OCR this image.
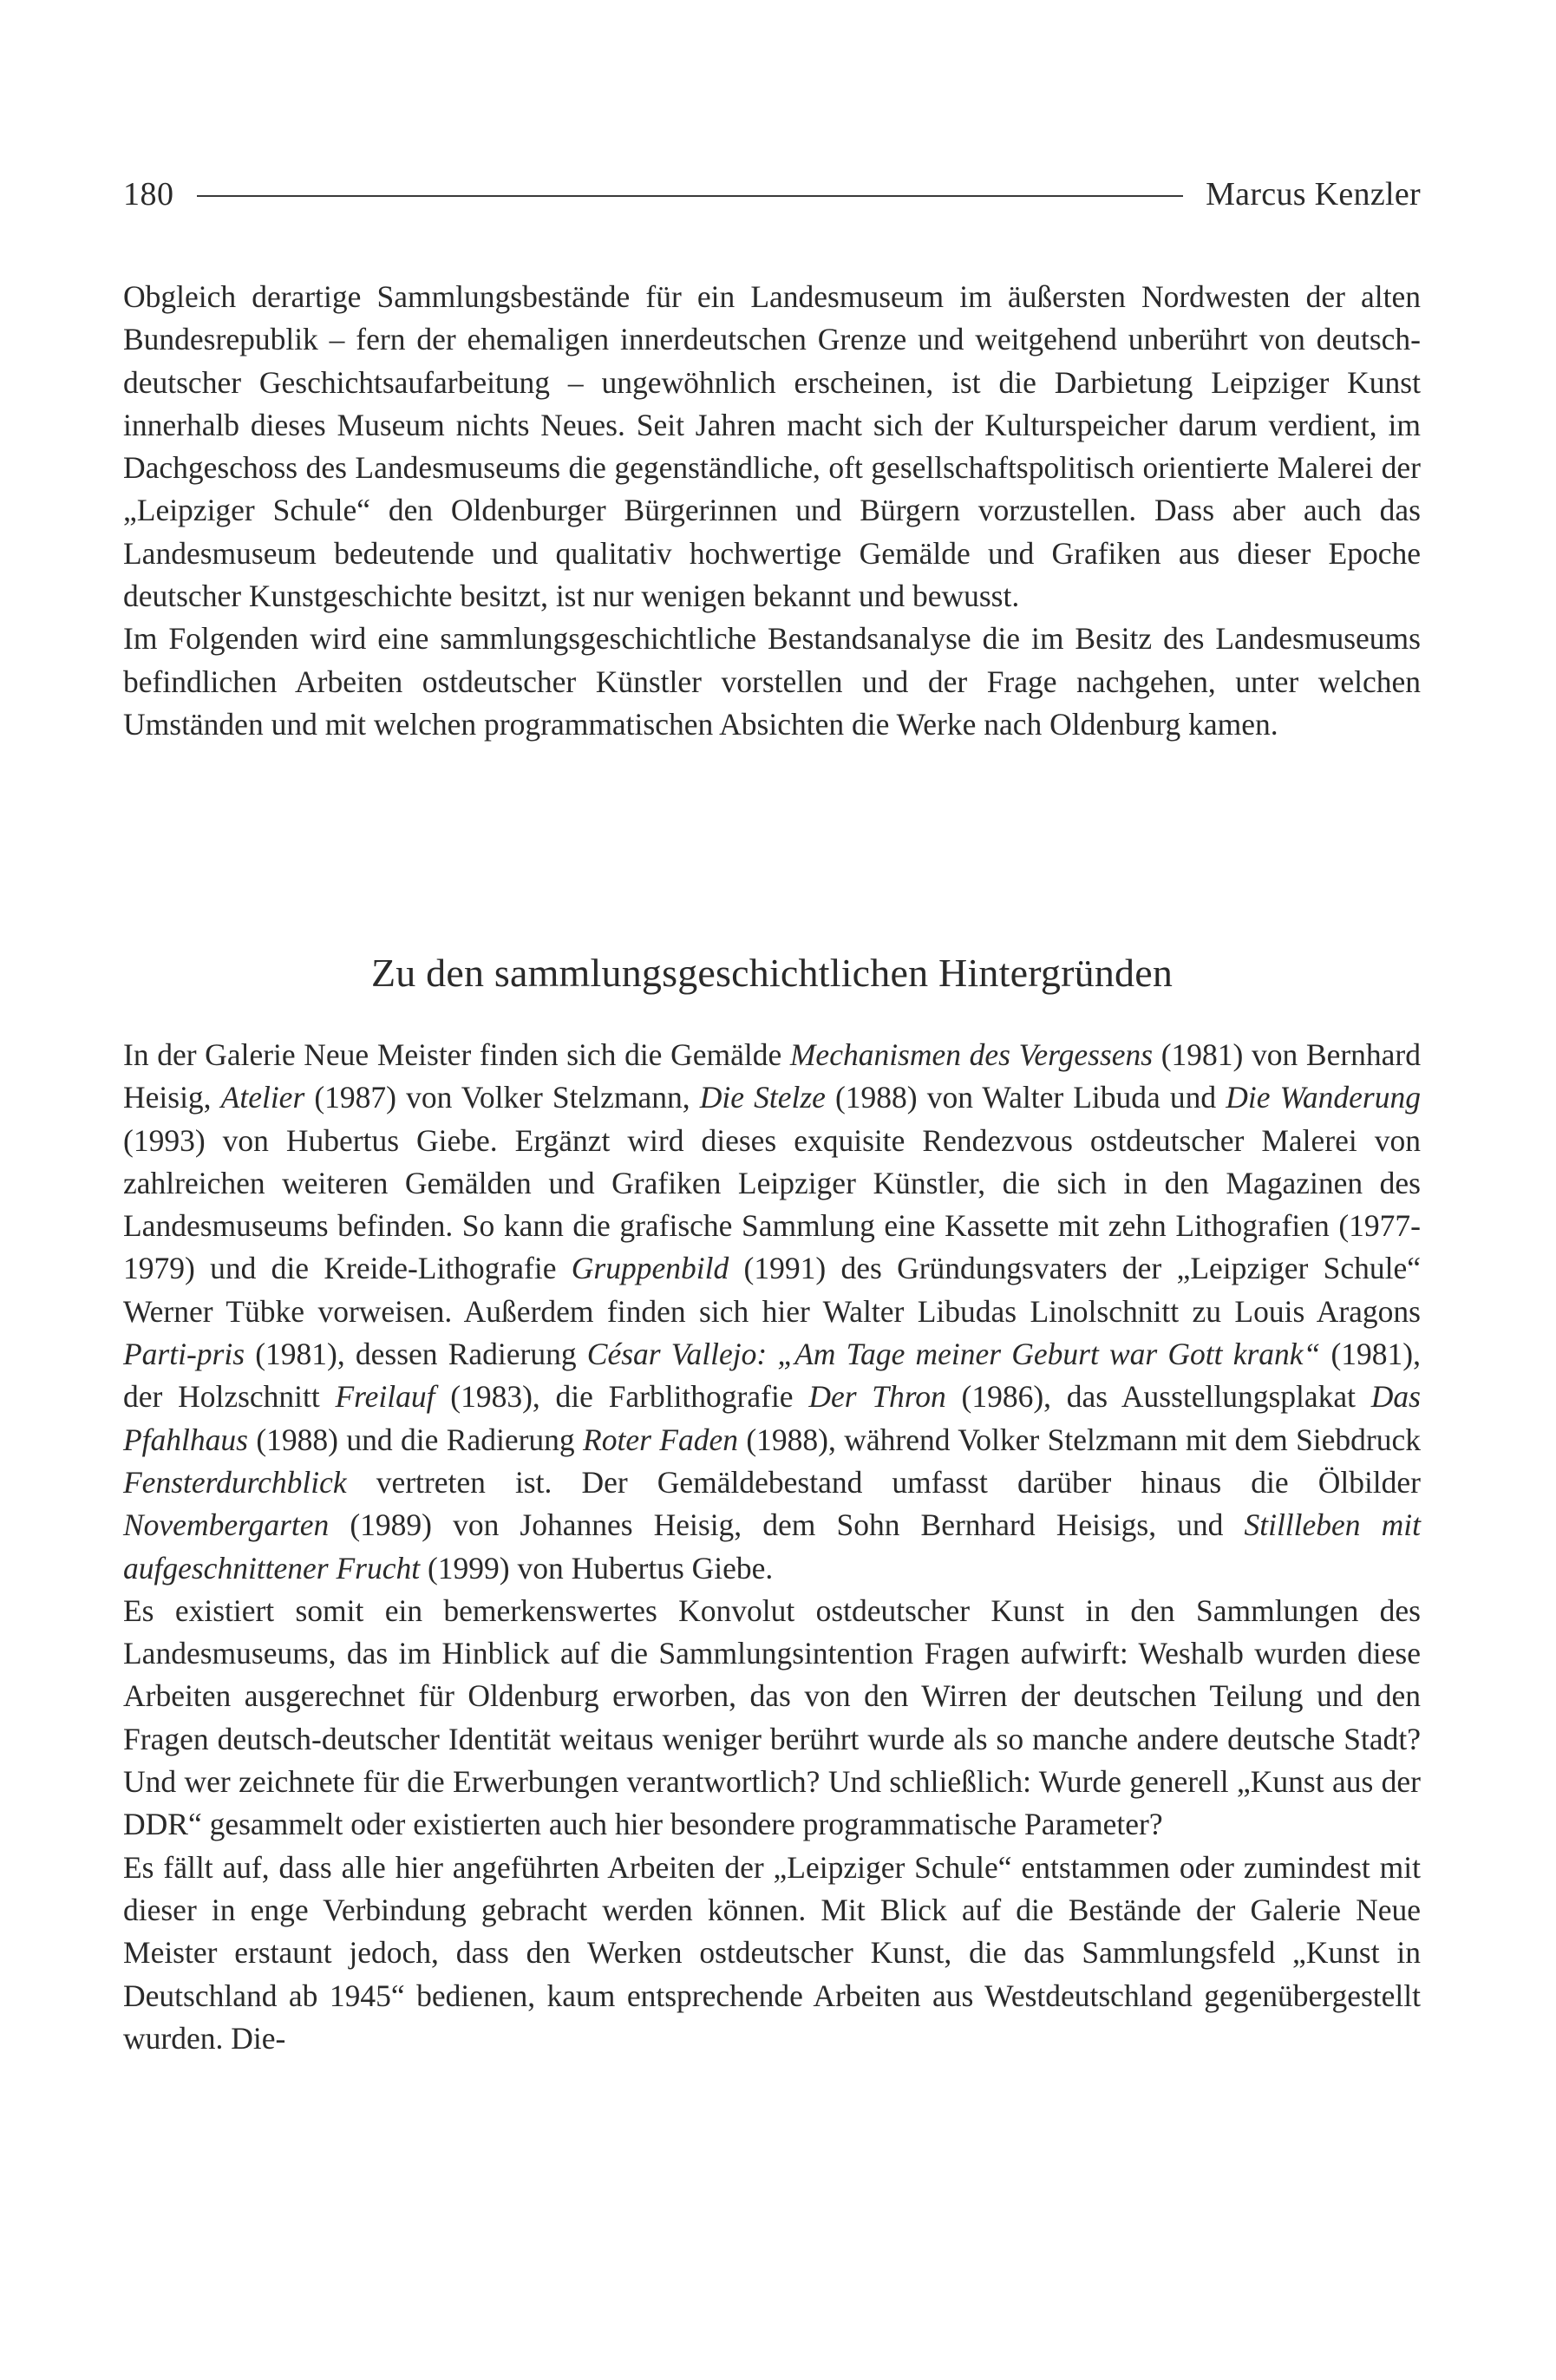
180	Marcus Kenzler

Obgleich derartige Sammlungsbestände für ein Landesmuseum im äußersten Nordwesten der alten Bundesrepublik – fern der ehemaligen innerdeutschen Grenze und weitgehend unberührt von deutsch-deutscher Geschichtsaufarbeitung – ungewöhnlich erscheinen, ist die Darbietung Leipziger Kunst innerhalb dieses Museum nichts Neues. Seit Jahren macht sich der Kulturspeicher darum verdient, im Dachgeschoss des Landesmuseums die gegenständliche, oft gesellschaftspolitisch orientierte Malerei der „Leipziger Schule“ den Oldenburger Bürgerinnen und Bürgern vorzustellen. Dass aber auch das Landesmuseum bedeutende und qualitativ hochwertige Gemälde und Grafiken aus dieser Epoche deutscher Kunstgeschichte besitzt, ist nur wenigen bekannt und bewusst.

Im Folgenden wird eine sammlungsgeschichtliche Bestandsanalyse die im Besitz des Landesmuseums befindlichen Arbeiten ostdeutscher Künstler vorstellen und der Frage nachgehen, unter welchen Umständen und mit welchen programmatischen Absichten die Werke nach Oldenburg kamen.

Zu den sammlungsgeschichtlichen Hintergründen

In der Galerie Neue Meister finden sich die Gemälde Mechanismen des Vergessens (1981) von Bernhard Heisig, Atelier (1987) von Volker Stelzmann, Die Stelze (1988) von Walter Libuda und Die Wanderung (1993) von Hubertus Giebe. Ergänzt wird dieses exquisite Rendezvous ostdeutscher Malerei von zahlreichen weiteren Gemälden und Grafiken Leipziger Künstler, die sich in den Magazinen des Landesmuseums befinden. So kann die grafische Sammlung eine Kassette mit zehn Lithografien (1977-1979) und die Kreide-Lithografie Gruppenbild (1991) des Gründungsvaters der „Leipziger Schule“ Werner Tübke vorweisen. Außerdem finden sich hier Walter Libudas Linolschnitt zu Louis Aragons Parti-pris (1981), dessen Radierung César Vallejo: „Am Tage meiner Geburt war Gott krank“ (1981), der Holzschnitt Freilauf (1983), die Farblithografie Der Thron (1986), das Ausstellungsplakat Das Pfahlhaus (1988) und die Radierung Roter Faden (1988), während Volker Stelzmann mit dem Siebdruck Fensterdurchblick vertreten ist. Der Gemäldebestand umfasst darüber hinaus die Ölbilder Novembergarten (1989) von Johannes Heisig, dem Sohn Bernhard Heisigs, und Stillleben mit aufgeschnittener Frucht (1999) von Hubertus Giebe.

Es existiert somit ein bemerkenswertes Konvolut ostdeutscher Kunst in den Sammlungen des Landesmuseums, das im Hinblick auf die Sammlungsintention Fragen aufwirft: Weshalb wurden diese Arbeiten ausgerechnet für Oldenburg erworben, das von den Wirren der deutschen Teilung und den Fragen deutsch-deutscher Identität weitaus weniger berührt wurde als so manche andere deutsche Stadt? Und wer zeichnete für die Erwerbungen verantwortlich? Und schließlich: Wurde generell „Kunst aus der DDR“ gesammelt oder existierten auch hier besondere programmatische Parameter?

Es fällt auf, dass alle hier angeführten Arbeiten der „Leipziger Schule“ entstammen oder zumindest mit dieser in enge Verbindung gebracht werden können. Mit Blick auf die Bestände der Galerie Neue Meister erstaunt jedoch, dass den Werken ostdeutscher Kunst, die das Sammlungsfeld „Kunst in Deutschland ab 1945“ bedienen, kaum entsprechende Arbeiten aus Westdeutschland gegenübergestellt wurden. Die-
